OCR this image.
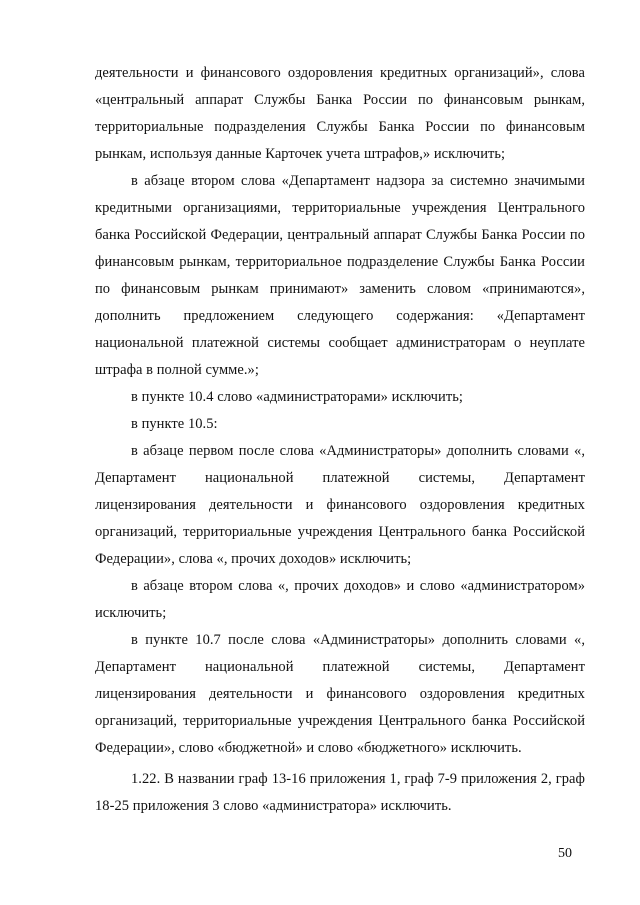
деятельности и финансового оздоровления кредитных организаций», слова «центральный аппарат Службы Банка России по финансовым рынкам, территориальные подразделения Службы Банка России по финансовым рынкам, используя данные Карточек учета штрафов,» исключить;

в абзаце втором слова «Департамент надзора за системно значимыми кредитными организациями, территориальные учреждения Центрального банка Российской Федерации, центральный аппарат Службы Банка России по финансовым рынкам, территориальное подразделение Службы Банка России по финансовым рынкам принимают» заменить словом «принимаются», дополнить предложением следующего содержания: «Департамент национальной платежной системы сообщает администраторам о неуплате штрафа в полной сумме.»;

в пункте 10.4 слово «администраторами» исключить;

в пункте 10.5:

в абзаце первом после слова «Администраторы» дополнить словами «, Департамент национальной платежной системы, Департамент лицензирования деятельности и финансового оздоровления кредитных организаций, территориальные учреждения Центрального банка Российской Федерации», слова «, прочих доходов» исключить;

в абзаце втором слова «, прочих доходов» и слово «администратором» исключить;

в пункте 10.7 после слова «Администраторы» дополнить словами «, Департамент национальной платежной системы, Департамент лицензирования деятельности и финансового оздоровления кредитных организаций, территориальные учреждения Центрального банка Российской Федерации», слово «бюджетной» и слово «бюджетного» исключить.

1.22. В названии граф 13-16 приложения 1, граф 7-9 приложения 2, граф 18-25 приложения 3 слово «администратора» исключить.

50
